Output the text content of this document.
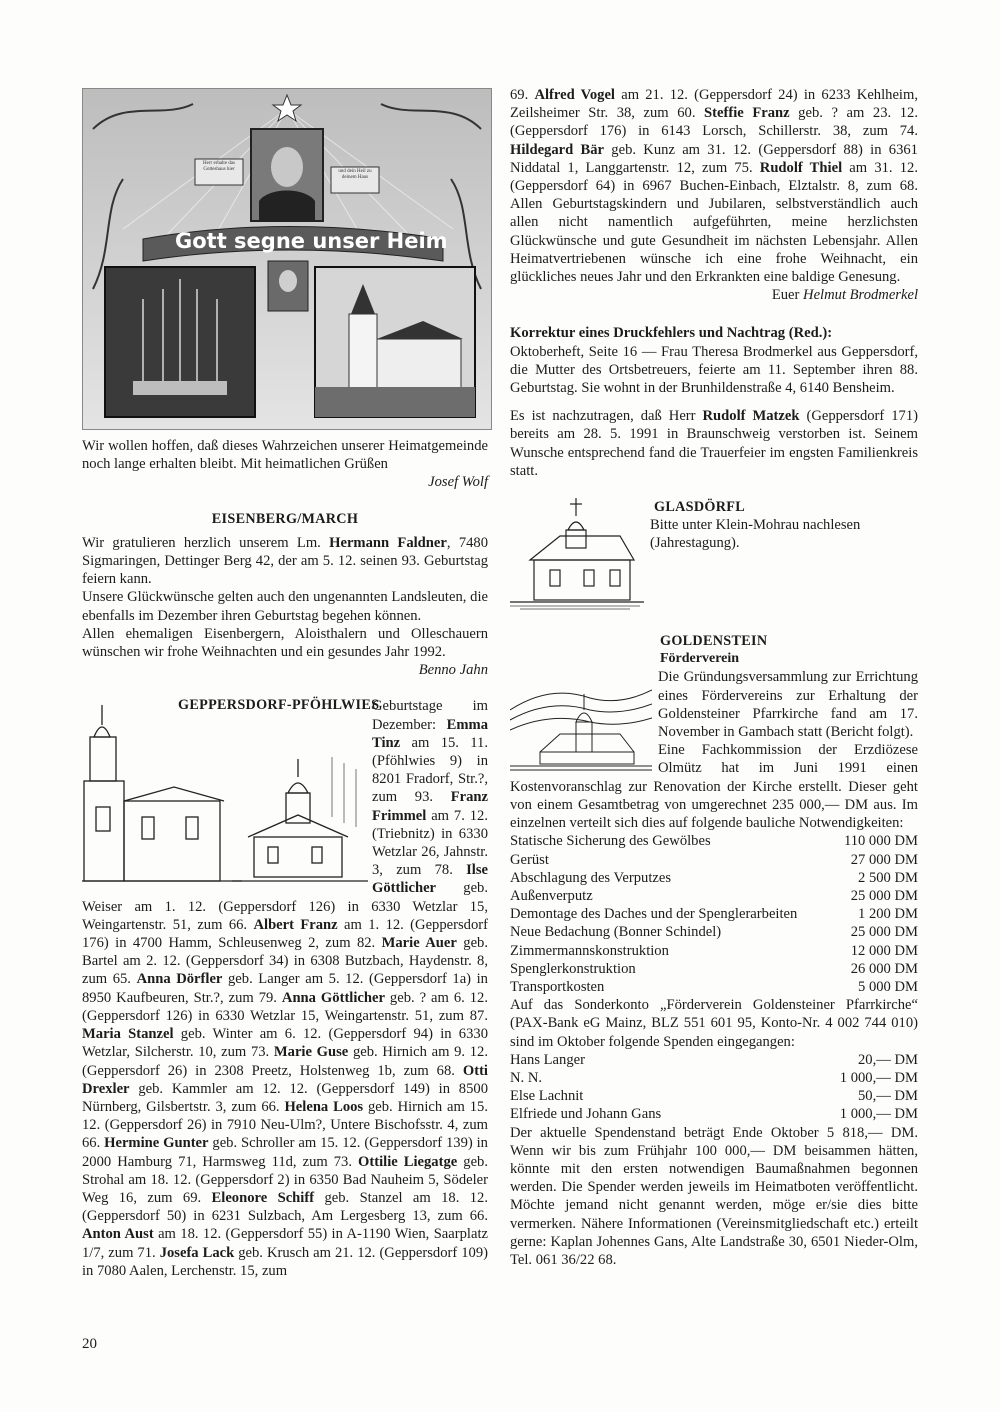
Gott segne unser Heim
Herr erhalte das Gotteshaus hier	und dein Heil zu deinem Haus

Wir wollen hoffen, daß dieses Wahrzeichen unserer Heimatgemeinde noch lange erhalten bleibt. Mit heimatlichen Grüßen

Josef Wolf

EISENBERG/MARCH

Wir gratulieren herzlich unserem Lm. Hermann Faldner, 7480 Sigmaringen, Dettinger Berg 42, der am 5. 12. seinen 93. Geburtstag feiern kann.

Unsere Glückwünsche gelten auch den ungenannten Landsleuten, die ebenfalls im Dezember ihren Geburtstag begehen können.

Allen ehemaligen Eisenbergern, Aloisthalern und Olleschauern wünschen wir frohe Weihnachten und ein gesundes Jahr 1992.

Benno Jahn

GEPPERSDORF-PFÖHLWIES

Geburtstage im Dezember: Emma Tinz am 15. 11. (Pföhlwies 9) in 8201 Fradorf, Str.?, zum 93. Franz Frimmel am 7. 12. (Triebnitz) in 6330 Wetzlar 26, Jahnstr. 3, zum 78. Ilse Göttlicher geb. Weiser am 1. 12. (Geppersdorf 126) in 6330 Wetzlar 15, Weingartenstr. 51, zum 66. Albert Franz am 1. 12. (Geppersdorf 176) in 4700 Hamm, Schleusenweg 2, zum 82. Marie Auer geb. Bartel am 2. 12. (Geppersdorf 34) in 6308 Butzbach, Haydenstr. 8, zum 65. Anna Dörfler geb. Langer am 5. 12. (Geppersdorf 1a) in 8950 Kaufbeuren, Str.?, zum 79. Anna Göttlicher geb. ? am 6. 12. (Geppersdorf 126) in 6330 Wetzlar 15, Weingartenstr. 51, zum 87. Maria Stanzel geb. Winter am 6. 12. (Geppersdorf 94) in 6330 Wetzlar, Silcherstr. 10, zum 73. Marie Guse geb. Hirnich am 9. 12. (Geppersdorf 26) in 2308 Preetz, Holstenweg 1b, zum 68. Otti Drexler geb. Kammler am 12. 12. (Geppersdorf 149) in 8500 Nürnberg, Gilsbertstr. 3, zum 66. Helena Loos geb. Hirnich am 15. 12. (Geppersdorf 26) in 7910 Neu-Ulm?, Untere Bischofsstr. 4, zum 66. Hermine Gunter geb. Schroller am 15. 12. (Geppersdorf 139) in 2000 Hamburg 71, Harmsweg 11d, zum 73. Ottilie Liegatge geb. Strohal am 18. 12. (Geppersdorf 2) in 6350 Bad Nauheim 5, Södeler Weg 16, zum 69. Eleonore Schiff geb. Stanzel am 18. 12. (Geppersdorf 50) in 6231 Sulzbach, Am Lergesberg 13, zum 66. Anton Aust am 18. 12. (Geppersdorf 55) in A-1190 Wien, Saarplatz 1/7, zum 71. Josefa Lack geb. Krusch am 21. 12. (Geppersdorf 109) in 7080 Aalen, Lerchenstr. 15, zum

69. Alfred Vogel am 21. 12. (Geppersdorf 24) in 6233 Kehlheim, Zeilsheimer Str. 38, zum 60. Steffie Franz geb. ? am 23. 12. (Geppersdorf 176) in 6143 Lorsch, Schillerstr. 38, zum 74. Hildegard Bär geb. Kunz am 31. 12. (Geppersdorf 88) in 6361 Niddatal 1, Langgartenstr. 12, zum 75. Rudolf Thiel am 31. 12. (Geppersdorf 64) in 6967 Buchen-Einbach, Elztalstr. 8, zum 68. Allen Geburtstagskindern und Jubilaren, selbstverständlich auch allen nicht namentlich aufgeführten, meine herzlichsten Glückwünsche und gute Gesundheit im nächsten Lebensjahr. Allen Heimatvertriebenen wünsche ich eine frohe Weihnacht, ein glückliches neues Jahr und den Erkrankten eine baldige Genesung.

Euer Helmut Brodmerkel

Korrektur eines Druckfehlers und Nachtrag (Red.):

Oktoberheft, Seite 16 — Frau Theresa Brodmerkel aus Geppersdorf, die Mutter des Ortsbetreuers, feierte am 11. September ihren 88. Geburtstag. Sie wohnt in der Brunhildenstraße 4, 6140 Bensheim.

Es ist nachzutragen, daß Herr Rudolf Matzek (Geppersdorf 171) bereits am 28. 5. 1991 in Braunschweig verstorben ist. Seinem Wunsche entsprechend fand die Trauerfeier im engsten Familienkreis statt.

GLASDÖRFL

Bitte unter Klein-Mohrau nachlesen (Jahrestagung).

GOLDENSTEIN
Förderverein

Die Gründungsversammlung zur Errichtung eines Fördervereins zur Erhaltung der Goldensteiner Pfarrkirche fand am 17. November in Gambach statt (Bericht folgt).

Eine Fachkommission der Erzdiözese Olmütz hat im Juni 1991 einen Kostenvoranschlag zur Renovation der Kirche erstellt. Dieser geht von einem Gesamtbetrag von umgerechnet 235 000,— DM aus. Im einzelnen verteilt sich dies auf folgende bauliche Notwendigkeiten:

Statische Sicherung des Gewölbes	110 000 DM
Gerüst	27 000 DM
Abschlagung des Verputzes	2 500 DM
Außenverputz	25 000 DM
Demontage des Daches und der Spenglerarbeiten	1 200 DM
Neue Bedachung (Bonner Schindel)	25 000 DM
Zimmermannskonstruktion	12 000 DM
Spenglerkonstruktion	26 000 DM
Transportkosten	5 000 DM

Auf das Sonderkonto „Förderverein Goldensteiner Pfarrkirche“ (PAX-Bank eG Mainz, BLZ 551 601 95, Konto-Nr. 4 002 744 010) sind im Oktober folgende Spenden eingegangen:

Hans Langer	20,— DM
N. N.	1 000,— DM
Else Lachnit	50,— DM
Elfriede und Johann Gans	1 000,— DM

Der aktuelle Spendenstand beträgt Ende Oktober 5 818,— DM. Wenn wir bis zum Frühjahr 100 000,— DM beisammen hätten, könnte mit den ersten notwendigen Baumaßnahmen begonnen werden. Die Spender werden jeweils im Heimatboten veröffentlicht. Möchte jemand nicht genannt werden, möge er/sie dies bitte vermerken. Nähere Informationen (Vereinsmitgliedschaft etc.) erteilt gerne: Kaplan Johennes Gans, Alte Landstraße 30, 6501 Nieder-Olm, Tel. 061 36/22 68.

20
